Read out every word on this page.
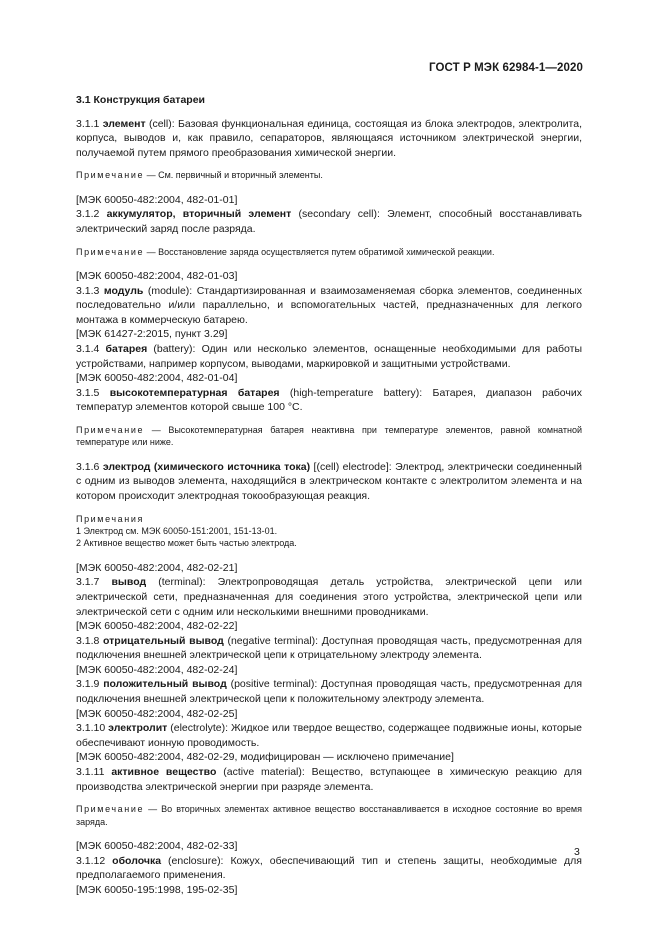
ГОСТ Р МЭК 62984-1—2020
3.1 Конструкция батареи

3.1.1 элемент (cell): Базовая функциональная единица, состоящая из блока электродов, электролита, корпуса, выводов и, как правило, сепараторов, являющаяся источником электрической энергии, получаемой путем прямого преобразования химической энергии.

Примечание — См. первичный и вторичный элементы.

[МЭК 60050-482:2004, 482-01-01]

3.1.2 аккумулятор, вторичный элемент (secondary cell): Элемент, способный восстанавливать электрический заряд после разряда.

Примечание — Восстановление заряда осуществляется путем обратимой химической реакции.

[МЭК 60050-482:2004, 482-01-03]

3.1.3 модуль (module): Стандартизированная и взаимозаменяемая сборка элементов, соединенных последовательно и/или параллельно, и вспомогательных частей, предназначенных для легкого монтажа в коммерческую батарею.

[МЭК 61427-2:2015, пункт 3.29]

3.1.4 батарея (battery): Один или несколько элементов, оснащенные необходимыми для работы устройствами, например корпусом, выводами, маркировкой и защитными устройствами.

[МЭК 60050-482:2004, 482-01-04]

3.1.5 высокотемпературная батарея (high-temperature battery): Батарея, диапазон рабочих температур элементов которой свыше 100 °С.

Примечание — Высокотемпературная батарея неактивна при температуре элементов, равной комнатной температуре или ниже.

3.1.6 электрод (химического источника тока) [(cell) electrode]: Электрод, электрически соединенный с одним из выводов элемента, находящийся в электрическом контакте с электролитом элемента и на котором происходит электродная токообразующая реакция.

Примечания

1 Электрод см. МЭК 60050-151:2001, 151-13-01.

2 Активное вещество может быть частью электрода.

[МЭК 60050-482:2004, 482-02-21]

3.1.7 вывод (terminal): Электропроводящая деталь устройства, электрической цепи или электрической сети, предназначенная для соединения этого устройства, электрической цепи или электрической сети с одним или несколькими внешними проводниками.

[МЭК 60050-482:2004, 482-02-22]

3.1.8 отрицательный вывод (negative terminal): Доступная проводящая часть, предусмотренная для подключения внешней электрической цепи к отрицательному электроду элемента.

[МЭК 60050-482:2004, 482-02-24]

3.1.9 положительный вывод (positive terminal): Доступная проводящая часть, предусмотренная для подключения внешней электрической цепи к положительному электроду элемента.

[МЭК 60050-482:2004, 482-02-25]

3.1.10 электролит (electrolyte): Жидкое или твердое вещество, содержащее подвижные ионы, которые обеспечивают ионную проводимость.

[МЭК 60050-482:2004, 482-02-29, модифицирован — исключено примечание]

3.1.11 активное вещество (active material): Вещество, вступающее в химическую реакцию для производства электрической энергии при разряде элемента.

Примечание — Во вторичных элементах активное вещество восстанавливается в исходное состояние во время заряда.

[МЭК 60050-482:2004, 482-02-33]

3.1.12 оболочка (enclosure): Кожух, обеспечивающий тип и степень защиты, необходимые для предполагаемого применения.

[МЭК 60050-195:1998, 195-02-35]

3
